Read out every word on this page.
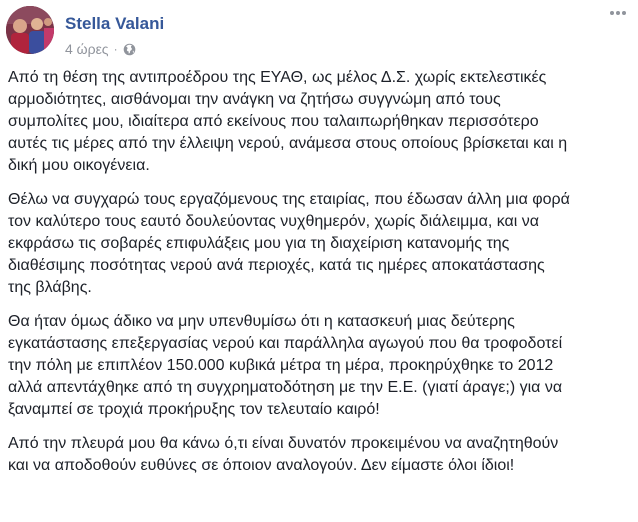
Stella Valani
4 ώρες ·

Από τη θέση της αντιπροέδρου της ΕΥΑΘ, ως μέλος Δ.Σ. χωρίς εκτελεστικές
αρμοδιότητες, αισθάνομαι την ανάγκη να ζητήσω συγγνώμη από τους
συμπολίτες μου, ιδιαίτερα από εκείνους που ταλαιπωρήθηκαν περισσότερο
αυτές τις μέρες από την έλλειψη νερού, ανάμεσα στους οποίους βρίσκεται και η
δική μου οικογένεια.

Θέλω να συγχαρώ τους εργαζόμενους της εταιρίας, που έδωσαν άλλη μια φορά
τον καλύτερο τους εαυτό δουλεύοντας νυχθημερόν, χωρίς διάλειμμα, και να
εκφράσω τις σοβαρές επιφυλάξεις μου για τη διαχείριση κατανομής της
διαθέσιμης ποσότητας νερού ανά περιοχές, κατά τις ημέρες αποκατάστασης
της βλάβης.

Θα ήταν όμως άδικο να μην υπενθυμίσω ότι η κατασκευή μιας δεύτερης
εγκατάστασης επεξεργασίας νερού και παράλληλα αγωγού που θα τροφοδοτεί
την πόλη με επιπλέον 150.000 κυβικά μέτρα τη μέρα, προκηρύχθηκε το 2012
αλλά απεντάχθηκε από τη συγχρηματοδότηση με την Ε.Ε. (γιατί άραγε;) για να
ξαναμπεί σε τροχιά προκήρυξης τον τελευταίο καιρό!

Από την πλευρά μου θα κάνω ό,τι είναι δυνατόν προκειμένου να αναζητηθούν
και να αποδοθούν ευθύνες σε όποιον αναλογούν. Δεν είμαστε όλοι ίδιοι!
